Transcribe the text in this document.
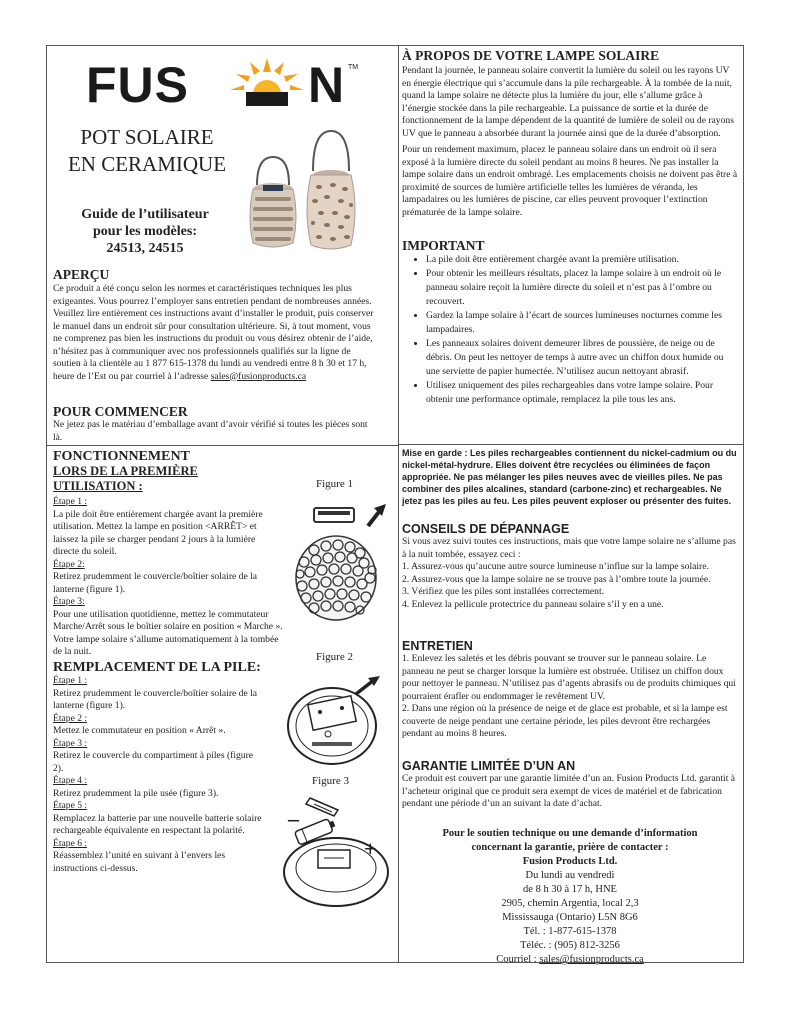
FUS N TM
POT SOLAIRE
EN CERAMIQUE
Guide de l’utilisateur
pour les modèles:
24513, 24515
APERÇU

Ce produit a été conçu selon les normes et caractéristiques techniques les plus exigeantes. Vous pourrez l’employer sans entretien pendant de nombreuses années. Veuillez lire entièrement ces instructions avant d’installer le produit, puis conserver le manuel dans un endroit sûr pour consultation ultérieure. Si, à tout moment, vous ne comprenez pas bien les instructions du produit ou vous désirez obtenir de l’aide, n’hésitez pas à communiquer avec nos professionnels qualifiés sur la ligne de soutien à la clientèle au 1 877 615-1378 du lundi au vendredi entre 8 h 30 et 17 h, heure de l’Est ou par courriel à l’adresse sales@fusionproducts.ca

POUR COMMENCER

Ne jetez pas le matériau d’emballage avant d’avoir vérifié si toutes les pièces sont là.

FONCTIONNEMENT
LORS DE LA PREMIÈRE UTILISATION :
Étape 1 :
La pile doit être entièrement chargée avant la première utilisation. Mettez la lampe en position <ARRÊT> et laissez la pile se charger pendant 2 jours à la lumière directe du soleil.
Étape 2:
Retirez prudemment le couvercle/boîtier solaire de la lanterne (figure 1).
Étape 3:
Pour une utilisation quotidienne, mettez le commutateur Marche/Arrêt sous le boîtier solaire en position « Marche ». Votre lampe solaire s’allume automatiquement à la tombée de la nuit.
REMPLACEMENT DE LA PILE:
Étape 1 :
Retirez prudemment le couvercle/boîtier solaire de la lanterne (figure 1).
Étape 2 :
Mettez le commutateur en position « Arrêt ».
Étape 3 :
Retirez le couvercle du compartiment à piles (figure 2).
Étape 4 :
Retirez prudemment la pile usée (figure 3).
Étape 5 :
Remplacez la batterie par une nouvelle batterie solaire rechargeable équivalente en respectant la polarité.
Étape 6 :
Réassemblez l’unité en suivant à l’envers les instructions ci-dessus.
Figure 1
Figure 2
Figure 3
–
+
À PROPOS DE VOTRE LAMPE SOLAIRE

Pendant la journée, le panneau solaire convertit la lumière du soleil ou les rayons UV en énergie électrique qui s’accumule dans la pile rechargeable. À la tombée de la nuit, quand la lampe solaire ne détecte plus la lumière du jour, elle s’allume grâce à l’énergie stockée dans la pile rechargeable. La puissance de sortie et la durée de fonctionnement de la lampe dépendent de la quantité de lumière de soleil ou de rayons UV que le panneau a absorbée durant la journée ainsi que de la durée d’absorption.

Pour un rendement maximum, placez le panneau solaire dans un endroit où il sera exposé à la lumière directe du soleil pendant au moins 8 heures. Ne pas installer la lampe solaire dans un endroit ombragé. Les emplacements choisis ne doivent pas être à proximité de sources de lumière artificielle telles les lumières de véranda, les lampadaires ou les lumières de piscine, car elles peuvent provoquer l’extinction prématurée de la lampe solaire.

IMPORTANT
• La pile doit être entièrement chargée avant la première utilisation.
• Pour obtenir les meilleurs résultats, placez la lampe solaire à un endroit où le panneau solaire reçoit la lumière directe du soleil et n’est pas à l’ombre ou recouvert.
• Gardez la lampe solaire à l’écart de sources lumineuses nocturnes comme les lampadaires.
• Les panneaux solaires doivent demeurer libres de poussière, de neige ou de débris. On peut les nettoyer de temps à autre avec un chiffon doux humide ou une serviette de papier humectée. N’utilisez aucun nettoyant abrasif.
• Utilisez uniquement des piles rechargeables dans votre lampe solaire. Pour obtenir une performance optimale, remplacez la pile tous les ans.
Mise en garde : Les piles rechargeables contiennent du nickel-cadmium ou du nickel-métal-hydrure. Elles doivent être recyclées ou éliminées de façon appropriée. Ne pas mélanger les piles neuves avec de vieilles piles. Ne pas combiner des piles alcalines, standard (carbone-zinc) et rechargeables. Ne jetez pas les piles au feu. Les piles peuvent exploser ou présenter des fuites.
CONSEILS DE DÉPANNAGE

Si vous avez suivi toutes ces instructions, mais que votre lampe solaire ne s’allume pas à la nuit tombée, essayez ceci :

1. Assurez-vous qu’aucune autre source lumineuse n’influe sur la lampe solaire.

2. Assurez-vous que la lampe solaire ne se trouve pas à l’ombre toute la journée.

3. Vérifiez que les piles sont installées correctement.

4. Enlevez la pellicule protectrice du panneau solaire s’il y en a une.

ENTRETIEN

1. Enlevez les saletés et les débris pouvant se trouver sur le panneau solaire. Le panneau ne peut se charger lorsque la lumière est obstruée. Utilisez un chiffon doux pour nettoyer le panneau. N’utilisez pas d’agents abrasifs ou de produits chimiques qui pourraient érafler ou endommager le revêtement UV.

2. Dans une région où la présence de neige et de glace est probable, et si la lampe est couverte de neige pendant une certaine période, les piles devront être rechargées pendant au moins 8 heures.

GARANTIE LIMITÉE D’UN AN

Ce produit est couvert par une garantie limitée d’un an. Fusion Products Ltd. garantit à l’acheteur original que ce produit sera exempt de vices de matériel et de fabrication pendant une période d’un an suivant la date d’achat.

Pour le soutien technique ou une demande d’information
concernant la garantie, prière de contacter :
Fusion Products Ltd.
Du lundi au vendredi
de 8 h 30 à 17 h, HNE
2905, chemin Argentia, local 2,3
Mississauga (Ontario) L5N 8G6
Tél. : 1-877-615-1378
Téléc. : (905) 812-3256
Courriel : sales@fusionproducts.ca
